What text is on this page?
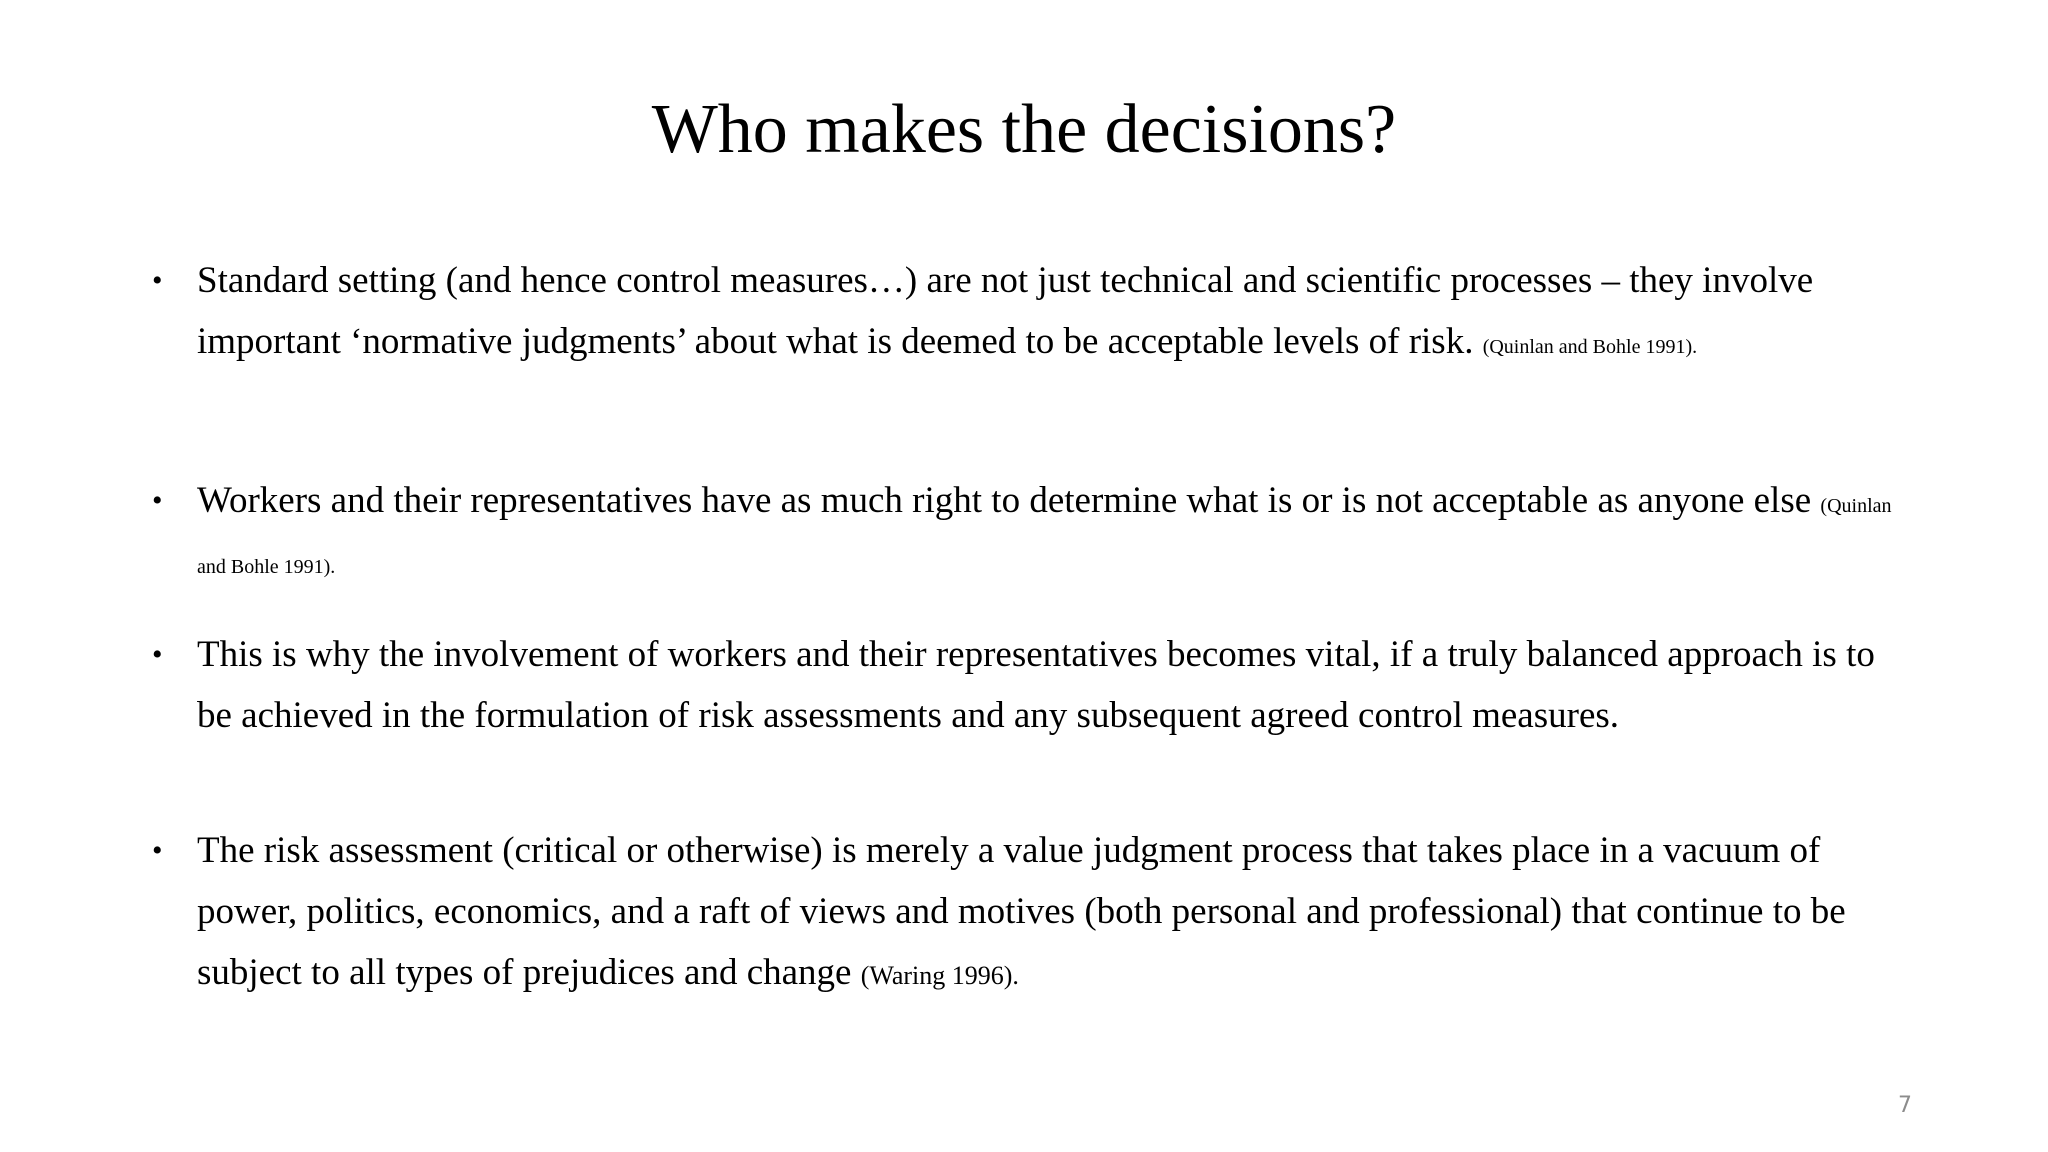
Who makes the decisions?
• Standard setting (and hence control measures…) are not just technical and scientific processes – they involve important ‘normative judgments’ about what is deemed to be acceptable levels of risk. (Quinlan and Bohle 1991).
• Workers and their representatives have as much right to determine what is or is not acceptable as anyone else (Quinlan and Bohle 1991).
• This is why the involvement of workers and their representatives becomes vital, if a truly balanced approach is to be achieved in the formulation of risk assessments and any subsequent agreed control measures.
• The risk assessment (critical or otherwise) is merely a value judgment process that takes place in a vacuum of power, politics, economics, and a raft of views and motives (both personal and professional) that continue to be subject to all types of prejudices and change (Waring 1996).
7
